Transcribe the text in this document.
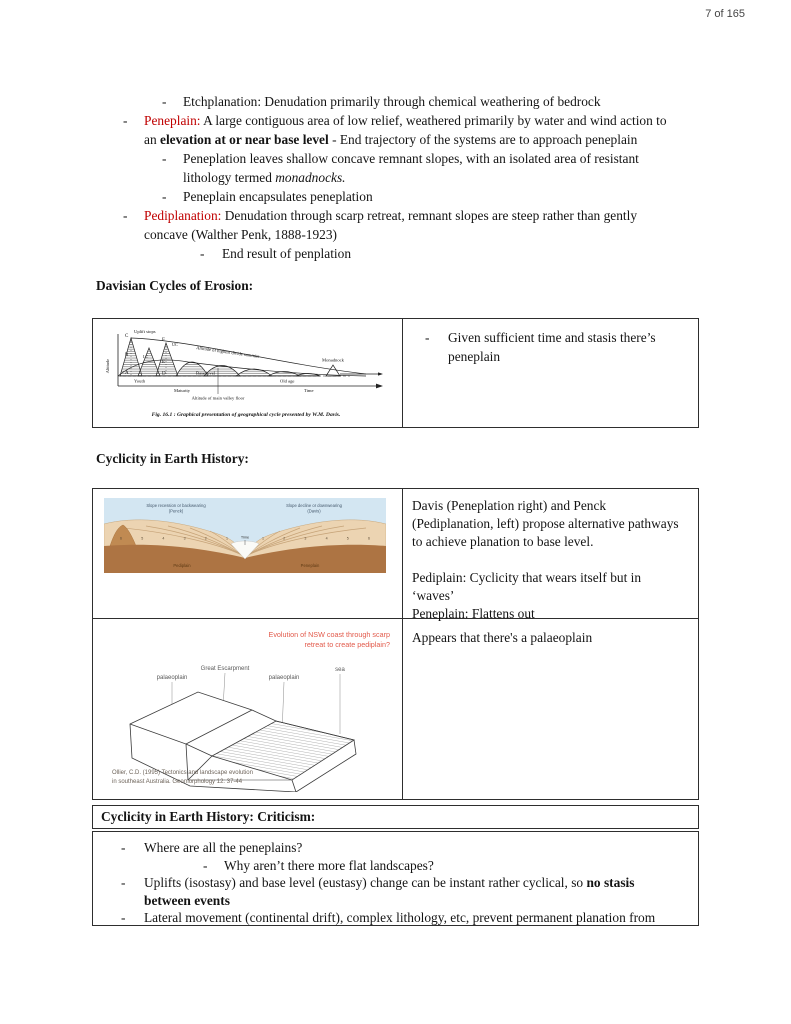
7 of 165
- Etchplanation: Denudation primarily through chemical weathering of bedrock
- Peneplain: A large contiguous area of low relief, weathered primarily by water and wind action to
an elevation at or near base level - End trajectory of the systems are to approach peneplain
- Peneplation leaves shallow concave remnant slopes, with an isolated area of resistant
lithology termed monadnocks.
- Peneplain encapsulates peneplation
- Pediplanation: Denudation through scarp retreat, remnant slopes are steep rather than gently
concave (Walther Penk, 1888-1923)
- End result of penplation
Davisian Cycles of Erosion:
Uplift stops
C
B
A
F
E
D
LC
UC
Altitude of highest divide summits
Monadnock
Base level
Youth	Old age
Maturity	Time
Altitude of main valley floor
Altitude
Fig. 16.1 : Graphical presentation of geographical cycle presented by W.M. Davis.
- Given sufficient time and stasis there’s
peneplain
Cyclicity in Earth History:
Slope recession or backwearing
(Penck)
Slope decline or downwearing
(Davis)
Time
6 5 4 3 2 1	1 2 3 4 5 6
Pediplain	Peneplain
Davis (Peneplation right) and Penck
(Pediplanation, left) propose alternative pathways
to achieve planation to base level.
Pediplain: Cyclicity that wears itself but in
‘waves’
Peneplain: Flattens out
Evolution of NSW coast through scarp
retreat to create pediplain?
palaeoplain
Great Escarpment
palaeoplain
sea
Ollier, C.D. (1995) Tectonics and landscape evolution
in southeast Australia. Geomorphology 12: 37-44
Appears that there's a palaeoplain
Cyclicity in Earth History: Criticism:
- Where are all the peneplains?
- Why aren’t there more flat landscapes?
- Uplifts (isostasy) and base level (eustasy) change can be instant rather cyclical, so no stasis
between events
- Lateral movement (continental drift), complex lithology, etc, prevent permanent planation from
